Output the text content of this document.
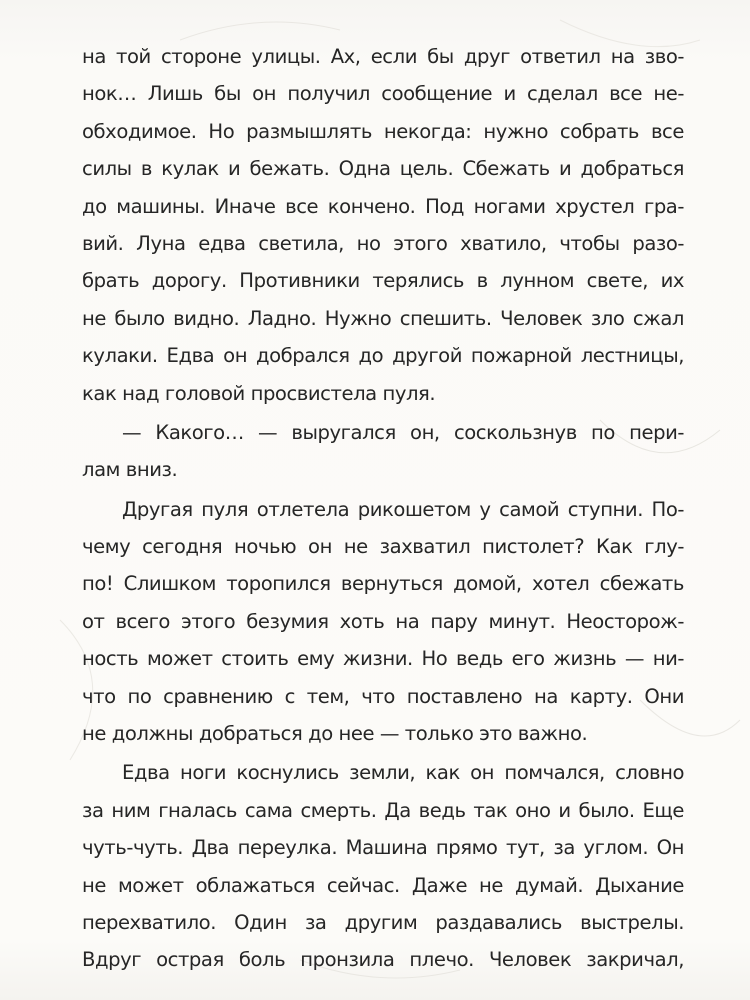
на той стороне улицы. Ах, если бы друг ответил на зво-
нок… Лишь бы он получил сообщение и сделал все не-
обходимое. Но размышлять некогда: нужно собрать все
силы в кулак и бежать. Одна цель. Сбежать и добраться
до машины. Иначе все кончено. Под ногами хрустел гра-
вий. Луна едва светила, но этого хватило, чтобы разо-
брать дорогу. Противники терялись в лунном свете, их
не было видно. Ладно. Нужно спешить. Человек зло сжал
кулаки. Едва он добрался до другой пожарной лестницы,
как над головой просвистела пуля.
— Какого… — выругался он, соскользнув по пери-
лам вниз.
Другая пуля отлетела рикошетом у самой ступни. По-
чему сегодня ночью он не захватил пистолет? Как глу-
по! Слишком торопился вернуться домой, хотел сбежать
от всего этого безумия хоть на пару минут. Неосторож-
ность может стоить ему жизни. Но ведь его жизнь — ни-
что по сравнению с тем, что поставлено на карту. Они
не должны добраться до нее — только это важно.
Едва ноги коснулись земли, как он помчался, словно
за ним гналась сама смерть. Да ведь так оно и было. Еще
чуть-чуть. Два переулка. Машина прямо тут, за углом. Он
не может облажаться сейчас. Даже не думай. Дыхание
перехватило. Один за другим раздавались выстрелы.
Вдруг острая боль пронзила плечо. Человек закричал,
